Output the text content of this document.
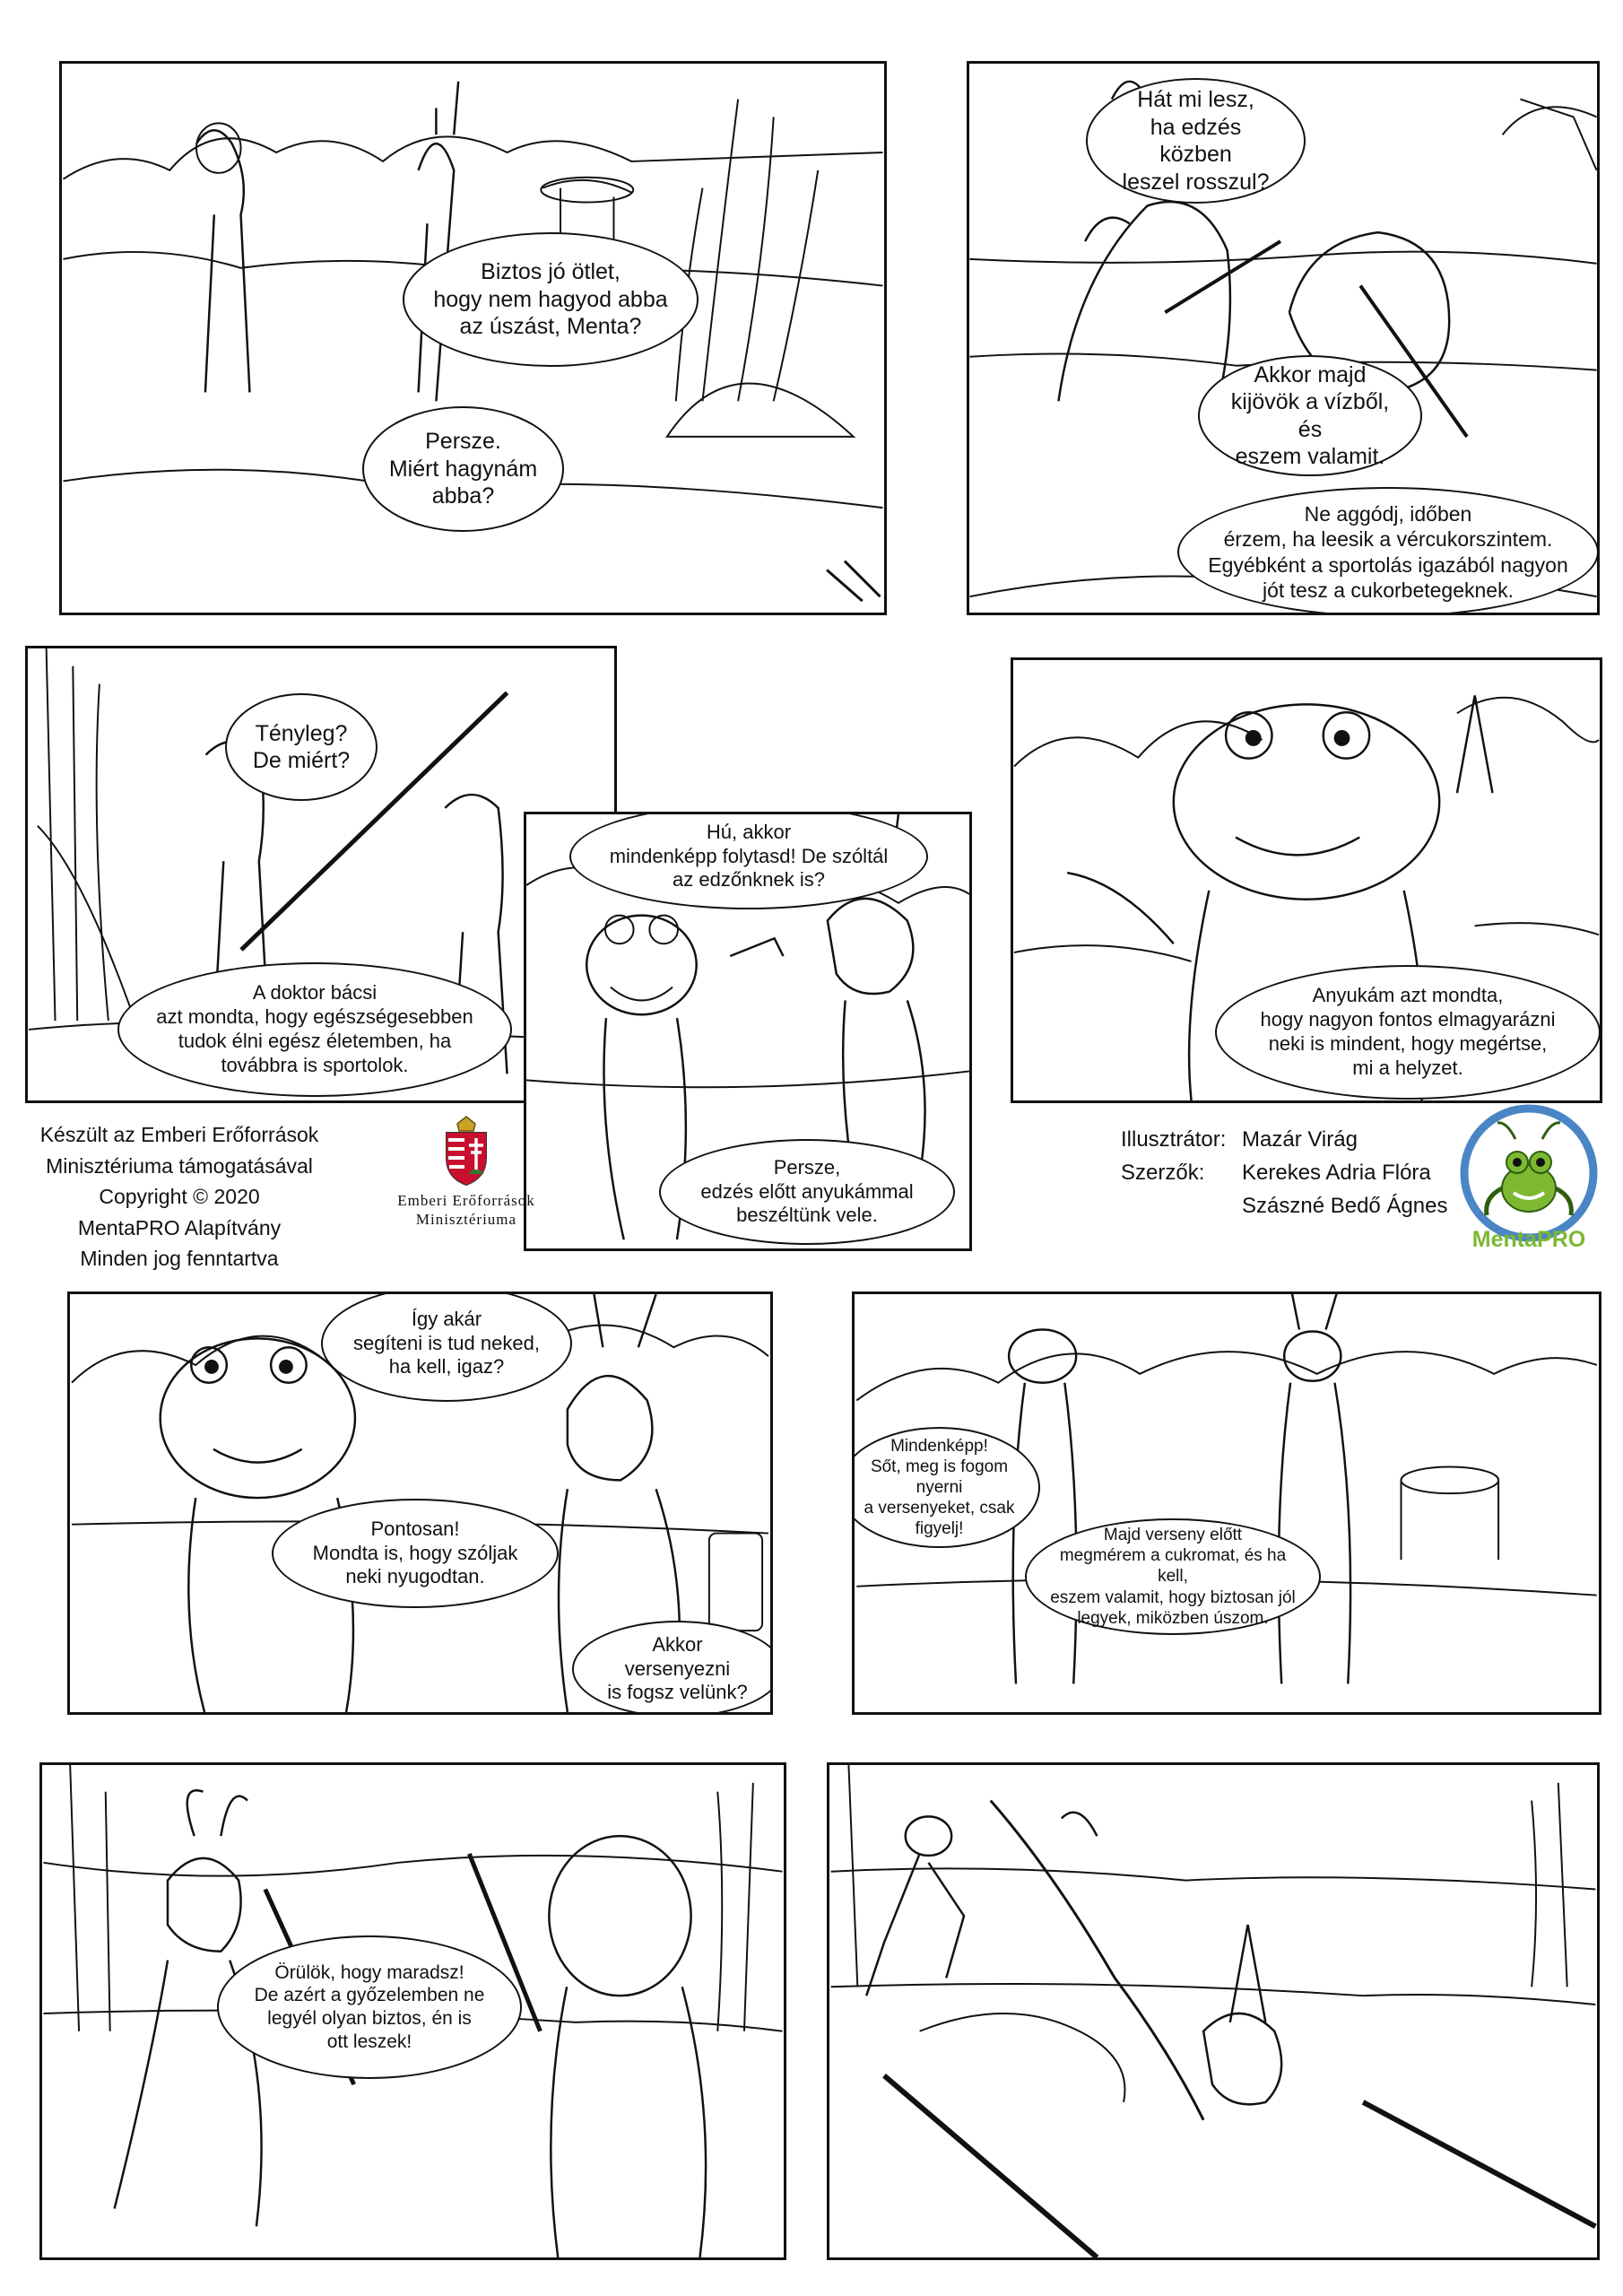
Biztos jó ötlet,
hogy nem hagyod abba
az úszást, Menta?
Persze.
Miért hagynám
abba?
Hát mi lesz,
ha edzés közben
leszel rosszul?
Akkor majd
kijövök a vízből, és
eszem valamit.
Ne aggódj, időben
érzem, ha leesik a vércukorszintem.
Egyébként a sportolás igazából nagyon
jót tesz a cukorbetegeknek.
Tényleg?
De miért?
A doktor bácsi
azt mondta, hogy egészségesebben
tudok élni egész életemben, ha
továbbra is sportolok.
Hú, akkor
mindenképp folytasd! De szóltál
az edzőnknek is?
Persze,
edzés előtt anyukámmal
beszéltünk vele.
Anyukám azt mondta,
hogy nagyon fontos elmagyarázni
neki is mindent, hogy megértse,
mi a helyzet.
Készült az Emberi Erőforrások
Minisztériuma támogatásával
Copyright © 2020
MentaPRO Alapítvány
Minden jog fenntartva
Emberi Erőforrások
Minisztériuma
Illusztrátor: Mazár Virág
Szerzők:	Kerekes Adria Flóra
Szászné Bedő Ágnes
MentaPRO
Így akár
segíteni is tud neked,
ha kell, igaz?
Pontosan!
Mondta is, hogy szóljak
neki nyugodtan.
Akkor versenyezni
is fogsz velünk?
Mindenképp!
Sőt, meg is fogom nyerni
a versenyeket, csak
figyelj!	Majd verseny előtt
megmérem a cukromat, és ha kell,
eszem valamit, hogy biztosan jól
legyek, miközben úszom.
Örülök, hogy maradsz!
De azért a győzelemben ne
legyél olyan biztos, én is
ott leszek!
